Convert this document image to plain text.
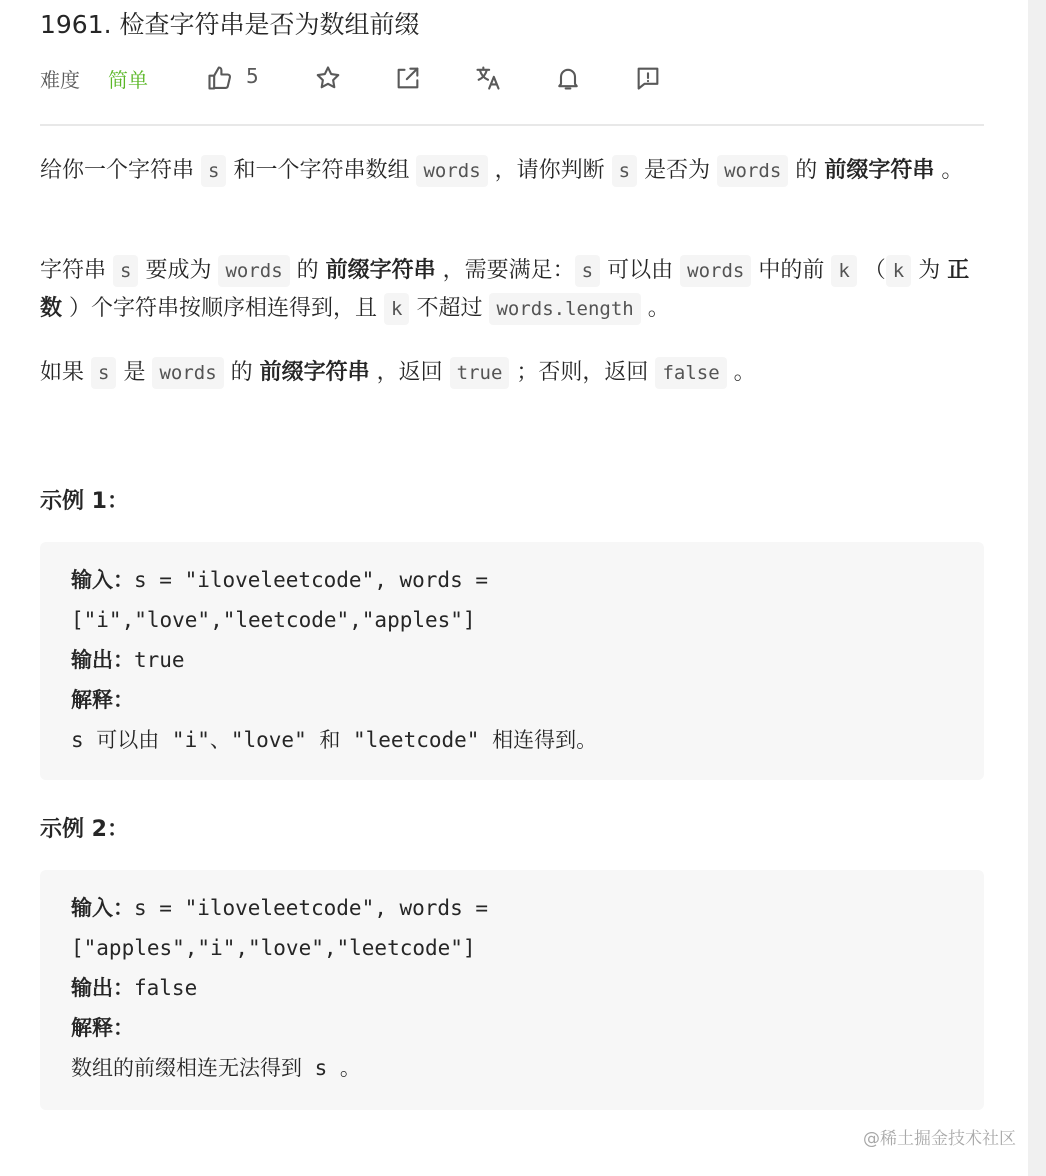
1961. 检查字符串是否为数组前缀
难度 简单	5
给你一个字符串 s 和一个字符串数组 words ，请你判断 s 是否为 words 的 前缀字符串 。
字符串 s 要成为 words 的 前缀字符串 ，需要满足： s 可以由 words 中的前 k （ k 为 正数 ）个字符串按顺序相连得到，且 k 不超过 words.length 。
如果 s 是 words 的 前缀字符串 ，返回 true ；否则，返回 false 。
示例 1：
输入：s = "iloveleetcode", words =
["i","love","leetcode","apples"]
输出：true
解释：
s 可以由 "i"、"love" 和 "leetcode" 相连得到。
示例 2：
输入：s = "iloveleetcode", words =
["apples","i","love","leetcode"]
输出：false
解释：
数组的前缀相连无法得到 s 。
@稀土掘金技术社区
